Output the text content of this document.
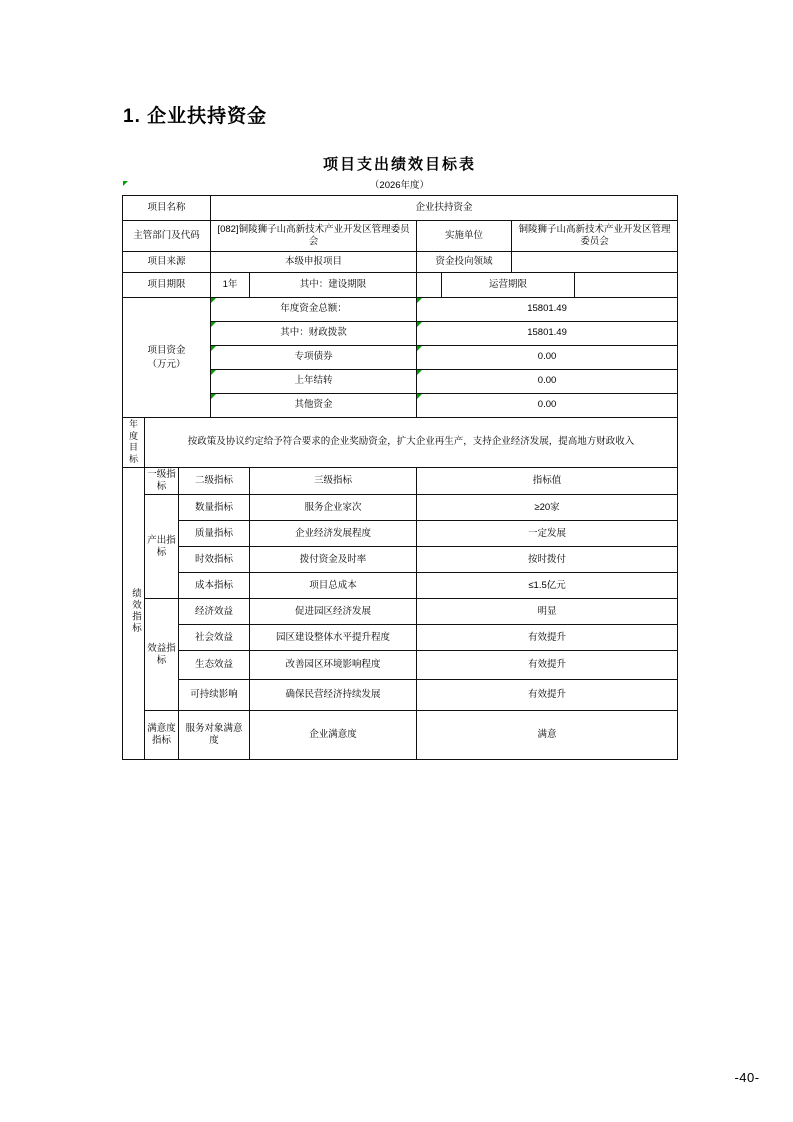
1. 企业扶持资金
项目支出绩效目标表
（2026年度）
项目名称			企业扶持资金					
主管部门及代码			[082]铜陵狮子山高新技术产业开发区管理委员会		实施单位		铜陵狮子山高新技术产业开发区管理委员会	
项目来源			本级申报项目		资金投向领域			
项目期限			1年	其中：建设期限		运营期限		

项目资金
（万元）			年度资金总额：		15801.49			
			其中：财政拨款		15801.49			
			专项债券		0.00			
			上年结转		0.00			
			其他资金		0.00			
年度目标	按政策及协议约定给予符合要求的企业奖励资金，扩大企业再生产，支持企业经济发展，提高地方财政收入							
绩效指标	一级指标	二级指标		三级指标	指标值			
	产出指标	数量指标		服务企业家次	≥20家			
		质量指标		企业经济发展程度	一定发展			
		时效指标		拨付资金及时率	按时拨付			
		成本指标		项目总成本	≤1.5亿元			
	效益指标	经济效益		促进园区经济发展	明显			
		社会效益		园区建设整体水平提升程度	有效提升			
		生态效益		改善园区环境影响程度	有效提升			
		可持续影响		确保民营经济持续发展	有效提升			
	满意度指标	服务对象满意度		企业满意度	满意			
-40-
